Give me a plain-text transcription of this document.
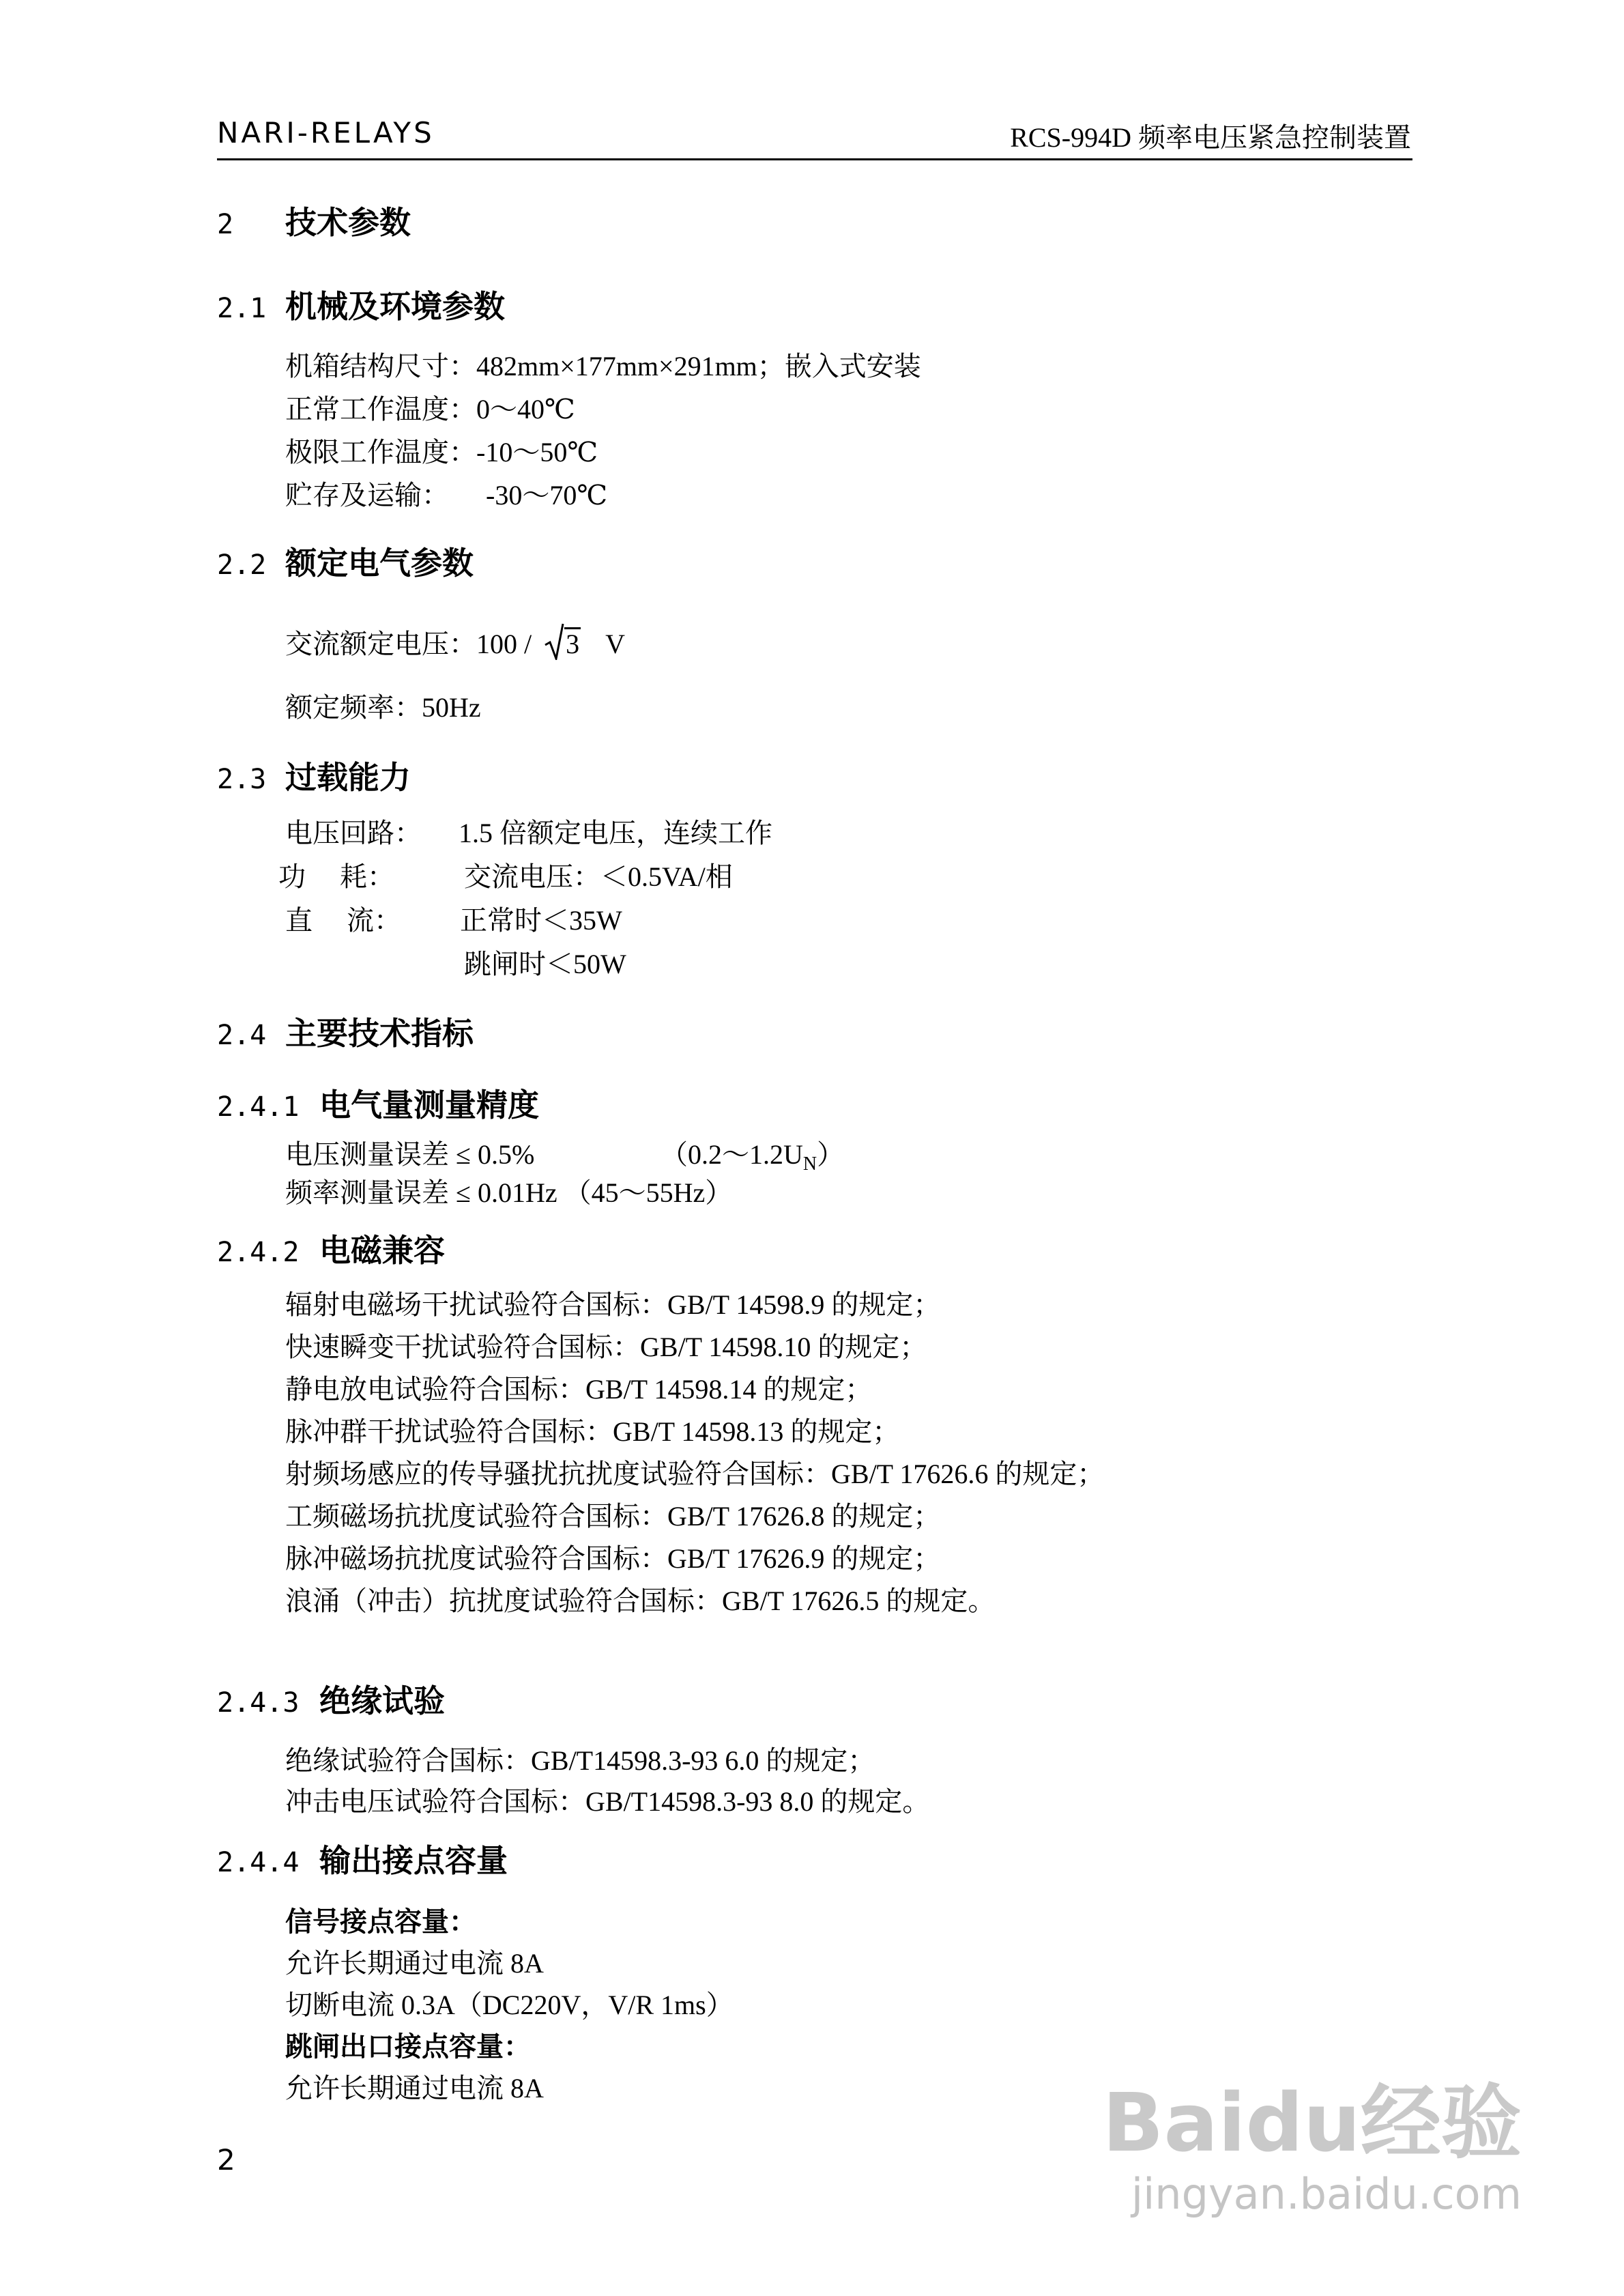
NARI-RELAYS	RCS-994D 频率电压紧急控制装置
2 技术参数
2.1 机械及环境参数
机箱结构尺寸：482mm×177mm×291mm；嵌入式安装
正常工作温度：0～40℃
极限工作温度：-10～50℃
贮存及运输： -30～70℃
2.2 额定电气参数
交流额定电压：100 / 3 V
额定频率：50Hz
2.3 过载能力
电压回路： 1.5 倍额定电压，连续工作
功　 耗：	交流电压：＜0.5VA/相
直　 流： 正常时＜35W
跳闸时＜50W
2.4 主要技术指标
2.4.1 电气量测量精度
电压测量误差 ≤ 0.5%	$(0.2\sim 1.2U_N)$
频率测量误差 ≤ 0.01Hz （45～55Hz）
2.4.2 电磁兼容
辐射电磁场干扰试验符合国标：GB/T 14598.9 的规定；
快速瞬变干扰试验符合国标：GB/T 14598.10 的规定；
静电放电试验符合国标：GB/T 14598.14 的规定；
脉冲群干扰试验符合国标：GB/T 14598.13 的规定；
射频场感应的传导骚扰抗扰度试验符合国标：GB/T 17626.6 的规定；
工频磁场抗扰度试验符合国标：GB/T 17626.8 的规定；
脉冲磁场抗扰度试验符合国标：GB/T 17626.9 的规定；
浪涌（冲击）抗扰度试验符合国标：GB/T 17626.5 的规定。
2.4.3 绝缘试验
绝缘试验符合国标：GB/T14598.3-93 6.0 的规定；
冲击电压试验符合国标：GB/T14598.3-93 8.0 的规定。
2.4.4 输出接点容量
信号接点容量：
允许长期通过电流 8A
切断电流 0.3A（DC220V，V/R 1ms）
跳闸出口接点容量：
允许长期通过电流 8A
2	Baidu经验
jingyan.baidu.com
